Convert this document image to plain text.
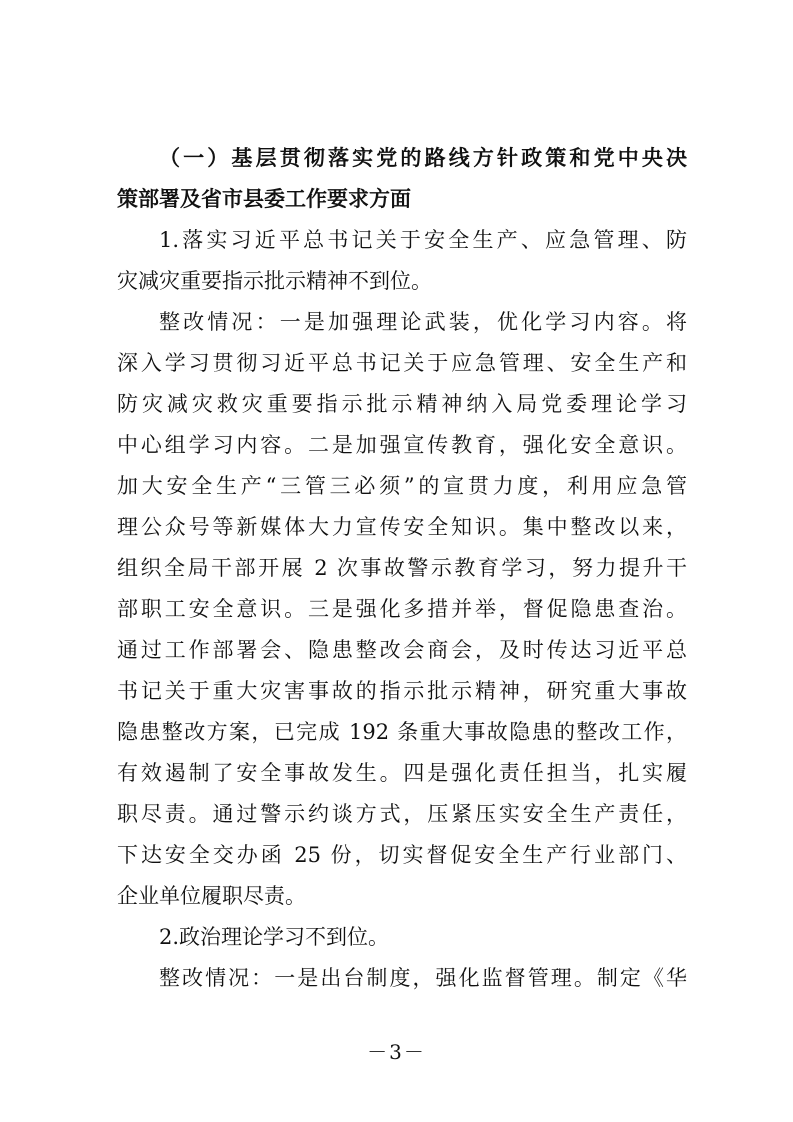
（一）基层贯彻落实党的路线方针政策和党中央决
策部署及省市县委工作要求方面
1.落实习近平总书记关于安全生产、应急管理、防
灾减灾重要指示批示精神不到位。
整改情况：一是加强理论武装，优化学习内容。将
深入学习贯彻习近平总书记关于应急管理、安全生产和
防灾减灾救灾重要指示批示精神纳入局党委理论学习
中心组学习内容。二是加强宣传教育，强化安全意识。
加大安全生产“三管三必须”的宣贯力度，利用应急管
理公众号等新媒体大力宣传安全知识。集中整改以来，
组织全局干部开展 2 次事故警示教育学习，努力提升干
部职工安全意识。三是强化多措并举，督促隐患查治。
通过工作部署会、隐患整改会商会，及时传达习近平总
书记关于重大灾害事故的指示批示精神，研究重大事故
隐患整改方案，已完成 192 条重大事故隐患的整改工作，
有效遏制了安全事故发生。四是强化责任担当，扎实履
职尽责。通过警示约谈方式，压紧压实安全生产责任，
下达安全交办函 25 份，切实督促安全生产行业部门、
企业单位履职尽责。
2.政治理论学习不到位。
整改情况：一是出台制度，强化监督管理。制定《华
－3－
